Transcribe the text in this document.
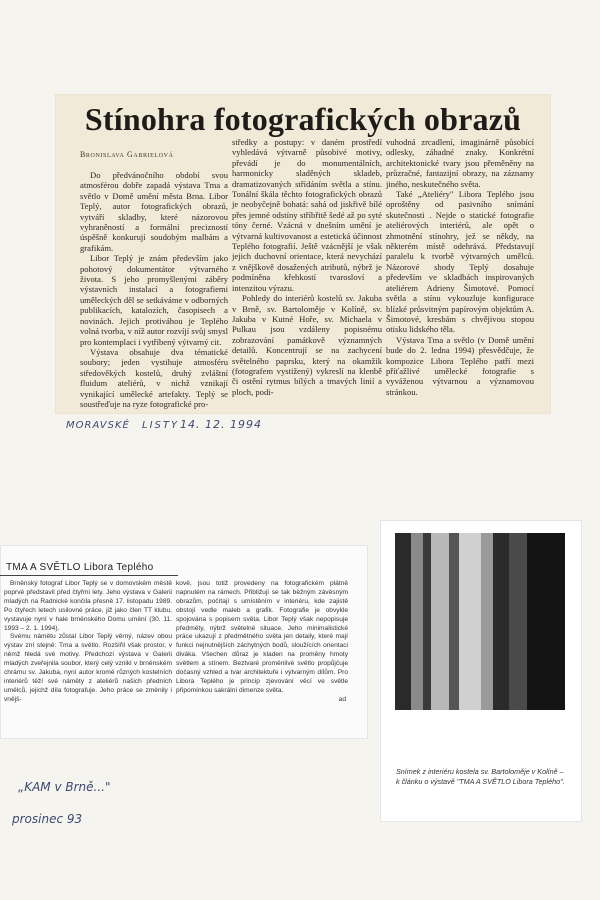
Stínohra fotografických obrazů
Bronislava Gabrielová

Do předvánočního období svou atmosférou dobře zapadá výstava Tma a světlo v Domě umění města Brna. Libor Teplý, autor fotografických obrazů, vytváří skladby, které názorovou vyhraněností a formální precizností úspěšně konkurují soudobým malbám a grafikám.

Libor Teplý je znám především jako pohotový dokumentátor výtvarného života. S jeho promyšlenými záběry výstavních instalací a fotografiemi uměleckých děl se setkáváme v odborných publikacích, katalozích, časopisech a novinách. Jejich protiváhou je Teplého volná tvorba, v níž autor rozvíjí svůj smysl pro kontemplaci i vytříbený výtvarný cit.

Výstava obsahuje dva tématické soubory; jeden vystihuje atmosféru středověkých kostelů, druhý zvláštní fluidum ateliérů, v nichž vznikají vynikající umělecké artefakty. Teplý se soustřeďuje na ryze fotografické pro-

středky a postupy: v daném prostředí vyhledává výtvarně působivé motivy, převádí je do monumentálních, harmonicky sladěných skladeb, dramatizovaných střídáním světla a stínu. Tonální škála těchto fotografických obrazů je neobyčejně bohatá: sahá od jiskřivě bílé přes jemné odstíny stříbřitě šedé až po syté tóny černé. Vzácná v dnešním umění je výtvarná kultivovanost a estetická účinnost Teplého fotografií. Ještě vzácnější je však jejich duchovní orientace, která nevychází z vnějškově dosažených atributů, nýbrž je podmíněna křehkostí tvarosloví a intenzitou výrazu.

Pohledy do interiérů kostelů sv. Jakuba v Brně, sv. Bartoloměje v Kolíně, sv. Jakuba v Kutné Hoře, sv. Michaela v Pulkau jsou vzdáleny popisnému zobrazování památkově významných detailů. Koncentrují se na zachycení světelného paprsku, který na okamžik (fotografem vystižený) vykreslí na klenbě či ostění rytmus bílých a tmavých linií a ploch, podi-

vuhodná zrcadlení, imaginárně působící odlesky, záhadné znaky. Konkrétní architektonické tvary jsou přeměněny na průzračné, fantazijní obrazy, na záznamy jiného, neskutečného světa.

Také „Ateliéry" Libora Teplého jsou oproštěny od pasivního snímání skutečnosti . Nejde o statické fotografie ateliérových interiérů, ale opět o zhmotnění stínohry, jež se někdy, na některém místě odehrává. Představují paralelu k tvorbě výtvarných umělců. Názorové shody Teplý dosahuje především ve skladbách inspirovaných ateliérem Adrieny Šimotové. Pomocí světla a stínu vykouzluje konfigurace blízké průsvitným papírovým objektům A. Šimotové, kresbám s chvějivou stopou otisku lidského těla.

Výstava Tma a světlo (v Domě umění bude do 2. ledna 1994) přesvědčuje, že kompozice Libora Teplého patří mezi příťažlivé umělecké fotografie s vyváženou výtvarnou a významovou stránkou.

MORAVSKÉ LISTY 14. 12. 1994
TMA A SVĚTLO Libora Teplého

Brněnský fotograf Libor Teplý se v domovském městě poprvé představil před čtyřmi lety. Jeho výstava v Galerii mladých na Radnické končila přesně 17. listopadu 1989. Po čtyřech letech usilovné práce, již jako člen TT klubu, vystavuje nyní v hale brněnského Domu umění (30. 11. 1993 – 2. 1. 1994).

Svému námětu zůstal Libor Teplý věrný, název obou výstav zní stejně: Tma a světlo. Rozšířil však prostor, v němž hledá své motivy. Předchozí výstava v Galerii mladých zveřejnila soubor, který celý vznikl v brněnském chrámu sv. Jakuba, nyní autor kromě různých kostelních interiérů těží své náměty z ateliérů našich předních umělců, jejichž díla fotografuje. Jeho práce se změnily i vnějš-

kově, jsou totiž provedeny na fotografickém plátně napnutém na rámech. Přibližují se tak běžným závěsným obrazům, počítají s umístěním v interiéru, kde zajistě obstojí vedle maleb a grafik. Fotografie je obvykle spojována s popisem světa. Libor Teplý však nepopisuje předměty, nýbrž světelné situace. Jeho minimalistické práce ukazují z předmětného světa jen detaily, které mají funkci nejnutnějších záchytných bodů, sloužících orientaci diváka. Všechen důraz je kladen na proměny hmoty světlem a stínem. Beztvaré proměnlivé světlo propůjčuje dočasný vzhled a tvar architektuře i výtvarným dílům. Pro Libora Teplého je princip zjevování věcí ve světle připomínkou sakrální dimenze světa.

ad
Snímek z interiéru kostela sv. Bartoloměje v Kolíně – k článku o výstavě "TMA A SVĚTLO Libora Teplého".
„KAM v Brně..."
prosinec 93
